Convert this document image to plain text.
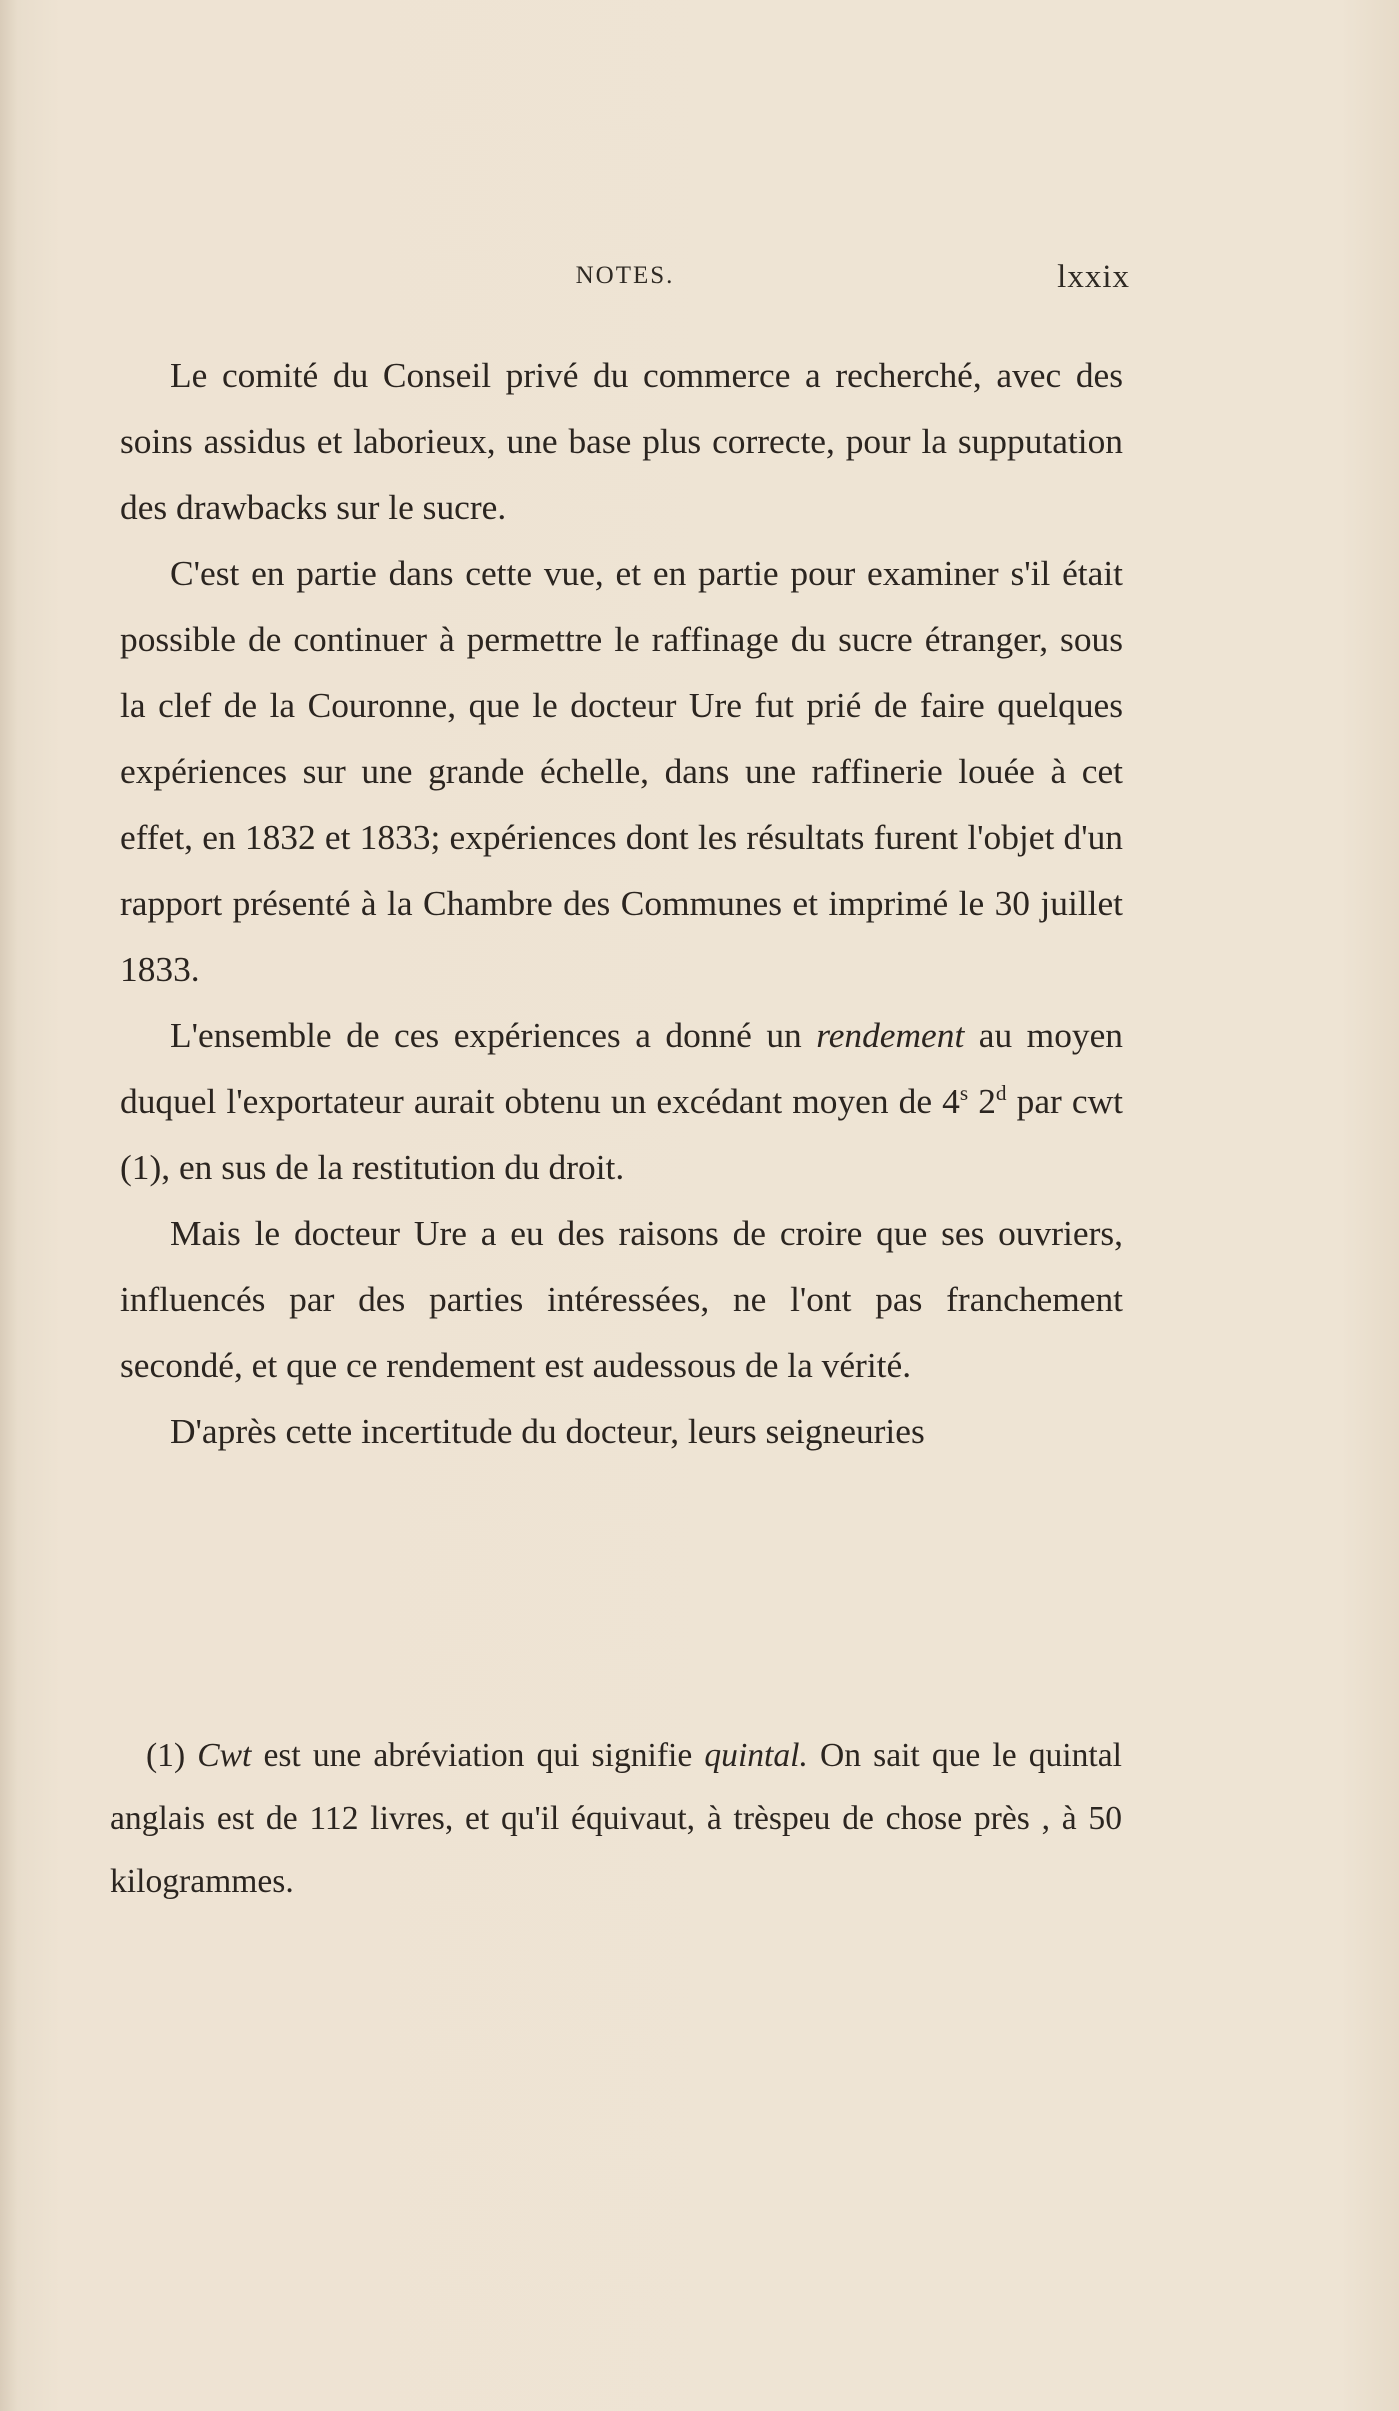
NOTES.	lxxix

Le comité du Conseil privé du commerce a recherché, avec des soins assidus et laborieux, une base plus correcte, pour la supputation des drawbacks sur le sucre.

C'est en partie dans cette vue, et en partie pour examiner s'il était possible de continuer à permettre le raffinage du sucre étranger, sous la clef de la Couronne, que le docteur Ure fut prié de faire quelques expériences sur une grande échelle, dans une raffinerie louée à cet effet, en 1832 et 1833; expériences dont les résultats furent l'objet d'un rapport présenté à la Chambre des Communes et imprimé le 30 juillet 1833.

L'ensemble de ces expériences a donné un rendement au moyen duquel l'exportateur aurait obtenu un excédant moyen de 4$^s$ 2$^d$ par cwt (1), en sus de la restitution du droit.

Mais le docteur Ure a eu des raisons de croire que ses ouvriers, influencés par des parties intéressées, ne l'ont pas franchement secondé, et que ce rendement est audessous de la vérité.

D'après cette incertitude du docteur, leurs seigneuries

(1) Cwt est une abréviation qui signifie quintal. On sait que le quintal anglais est de 112 livres, et qu'il équivaut, à trèspeu de chose près , à 50 kilogrammes.
